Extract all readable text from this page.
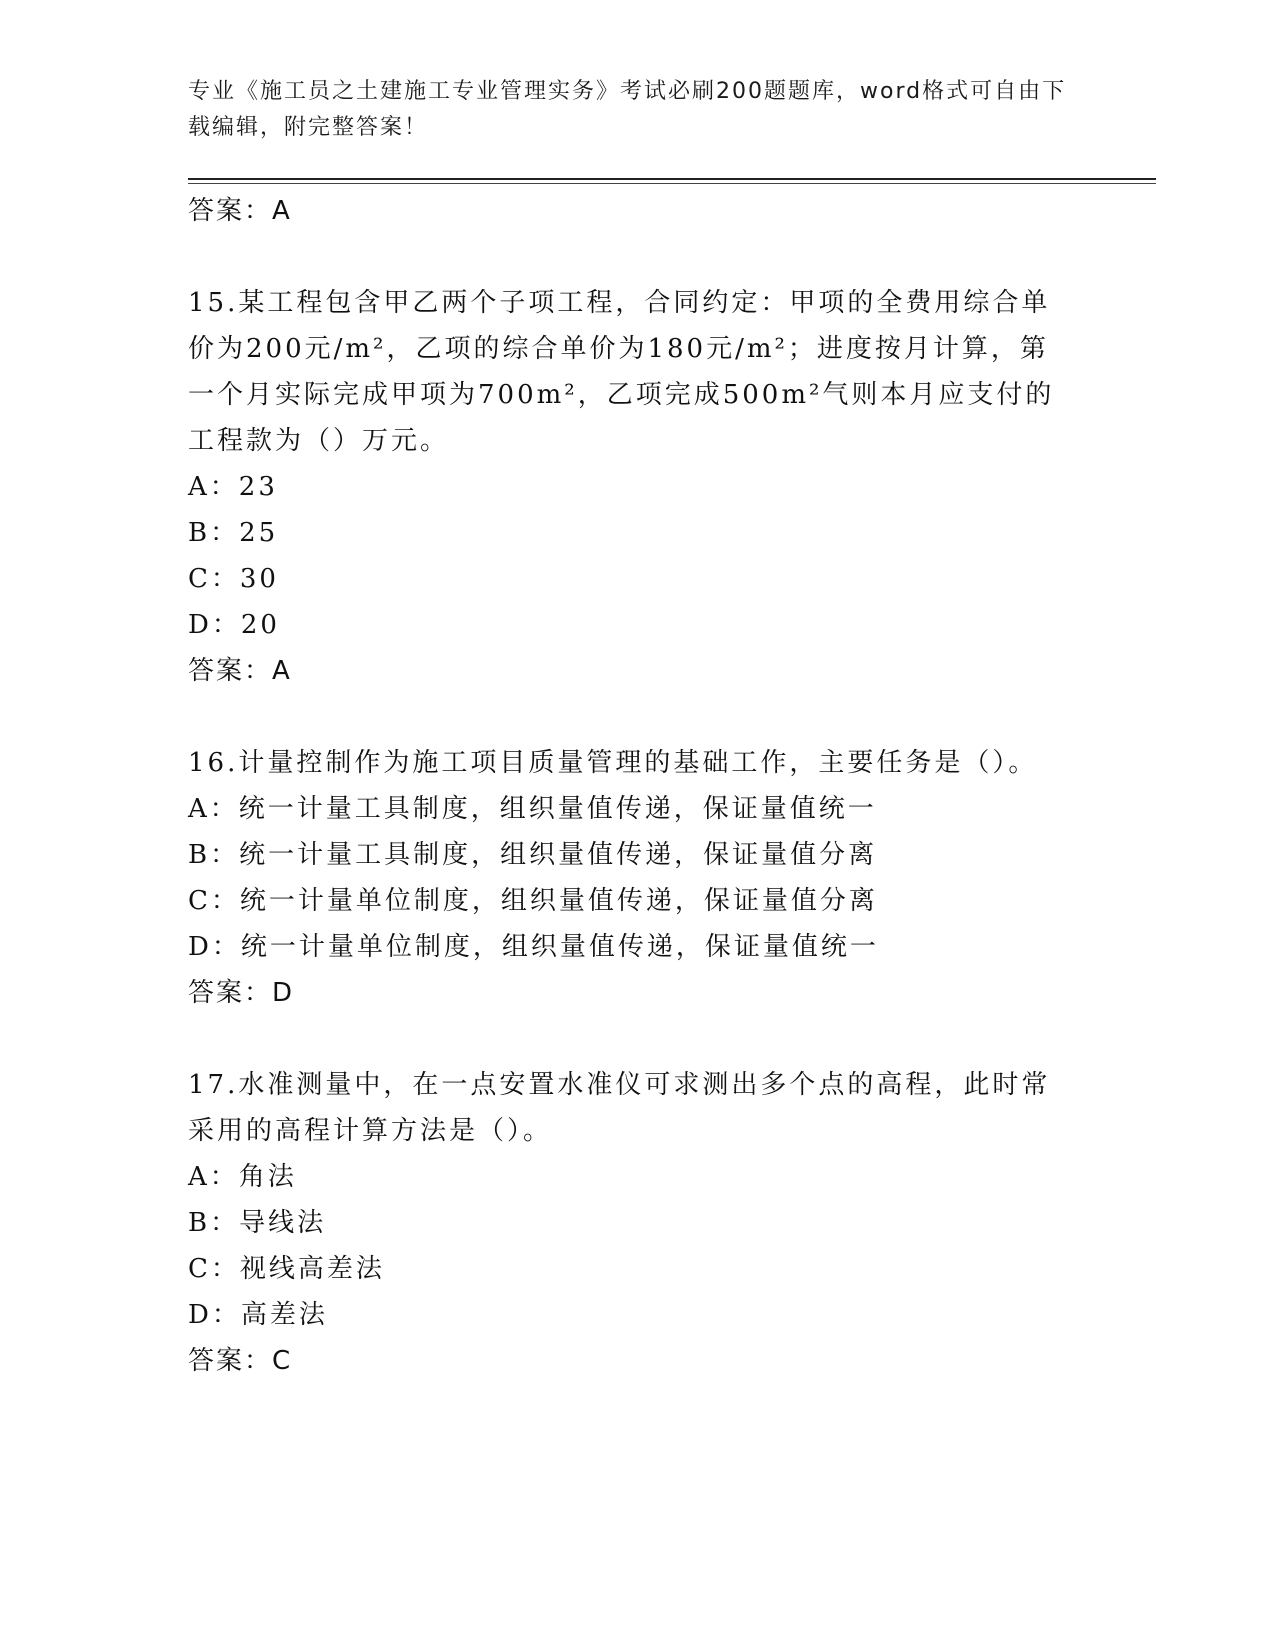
专业《施工员之土建施工专业管理实务》考试必刷200题题库，word格式可自由下载编辑，附完整答案！
答案：A
15.某工程包含甲乙两个子项工程，合同约定：甲项的全费用综合单价为200元/m²，乙项的综合单价为180元/m²；进度按月计算，第一个月实际完成甲项为700m²，乙项完成500m²气则本月应支付的工程款为（）万元。
A：23
B：25
C：30
D：20
答案：A
16.计量控制作为施工项目质量管理的基础工作，主要任务是（）。
A：统一计量工具制度，组织量值传递，保证量值统一
B：统一计量工具制度，组织量值传递，保证量值分离
C：统一计量单位制度，组织量值传递，保证量值分离
D：统一计量单位制度，组织量值传递，保证量值统一
答案：D
17.水准测量中，在一点安置水准仪可求测出多个点的高程，此时常采用的高程计算方法是（）。
A：角法
B：导线法
C：视线高差法
D：高差法
答案：C
